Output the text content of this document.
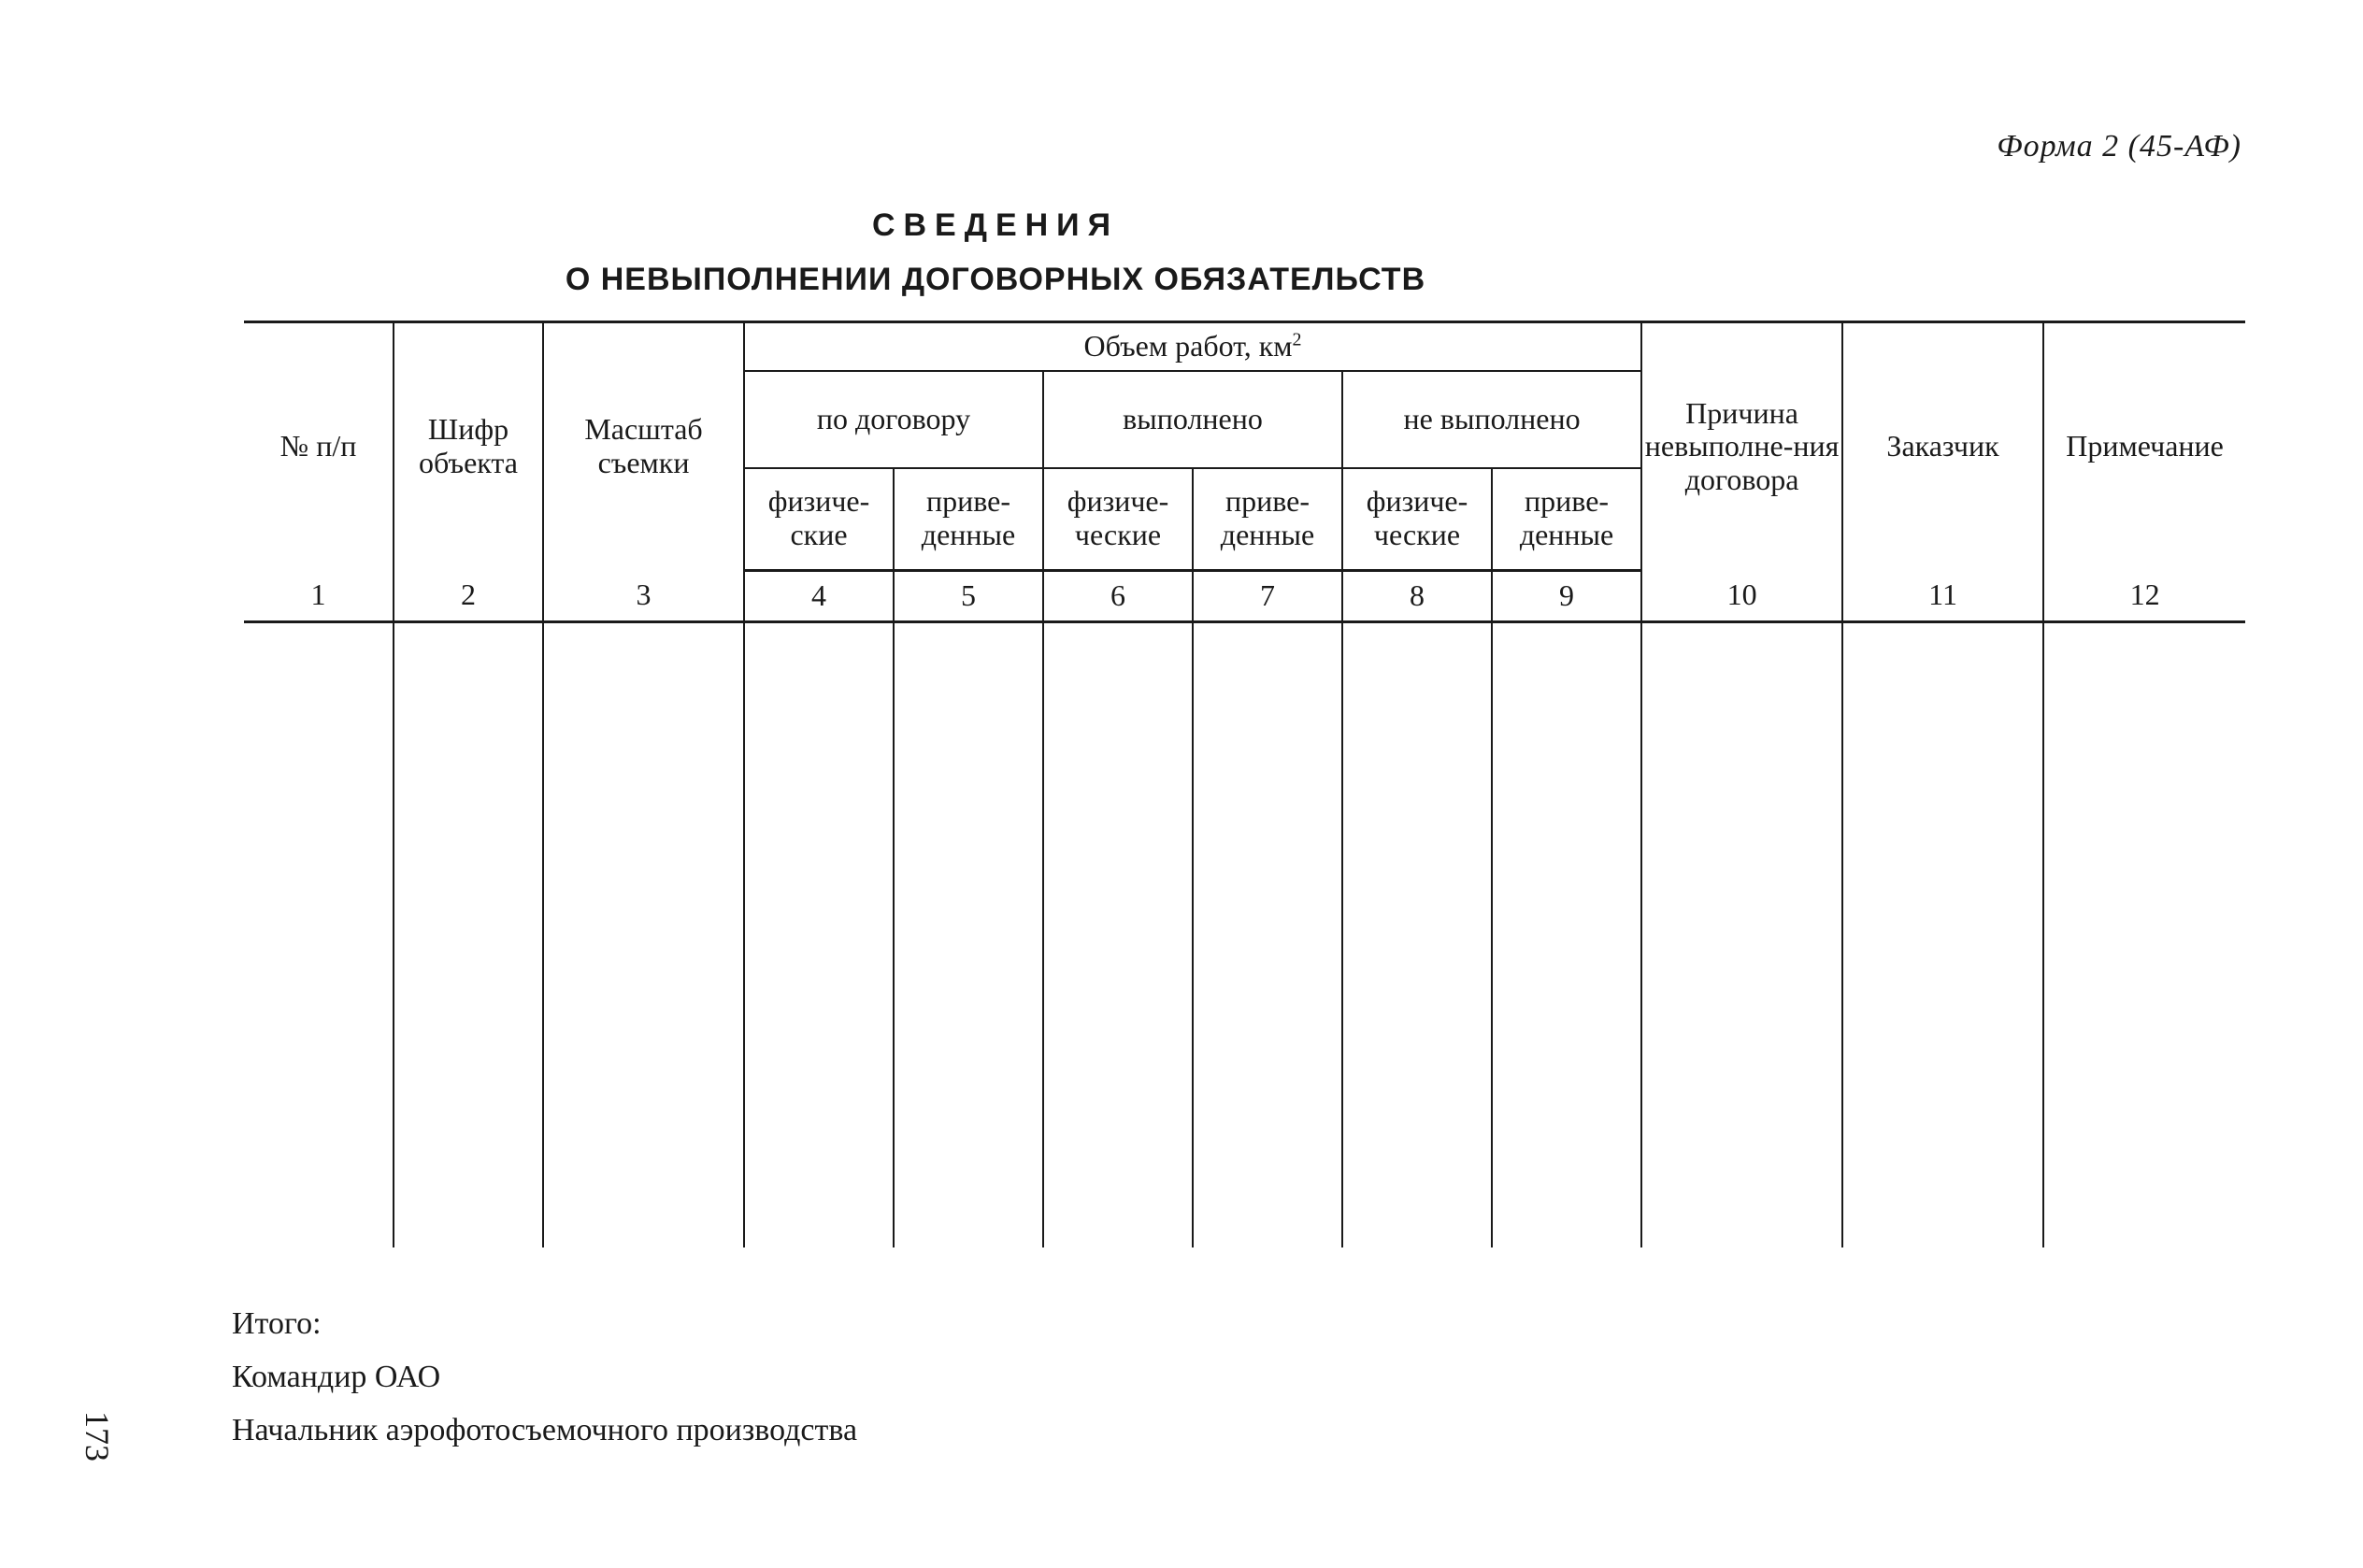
Форма 2 (45-АФ)
СВЕДЕНИЯ
О НЕВЫПОЛНЕНИИ ДОГОВОРНЫХ ОБЯЗАТЕЛЬСТВ
№ п/п	Шифр объекта	Масштаб съемки	Объем работ, $км^2$						Причина невыполне-ния договора	Заказчик	Примечание
			по договору		выполнено		не выполнено				
			физиче-ские	приве-денные	физиче-ческие	приве-денные	физиче-ческие	приве-денные			
1	2	3	4	5	6	7	8	9	10	11	12

Итого:
Командир ОАО
Начальник аэрофотосъемочного производства
173
